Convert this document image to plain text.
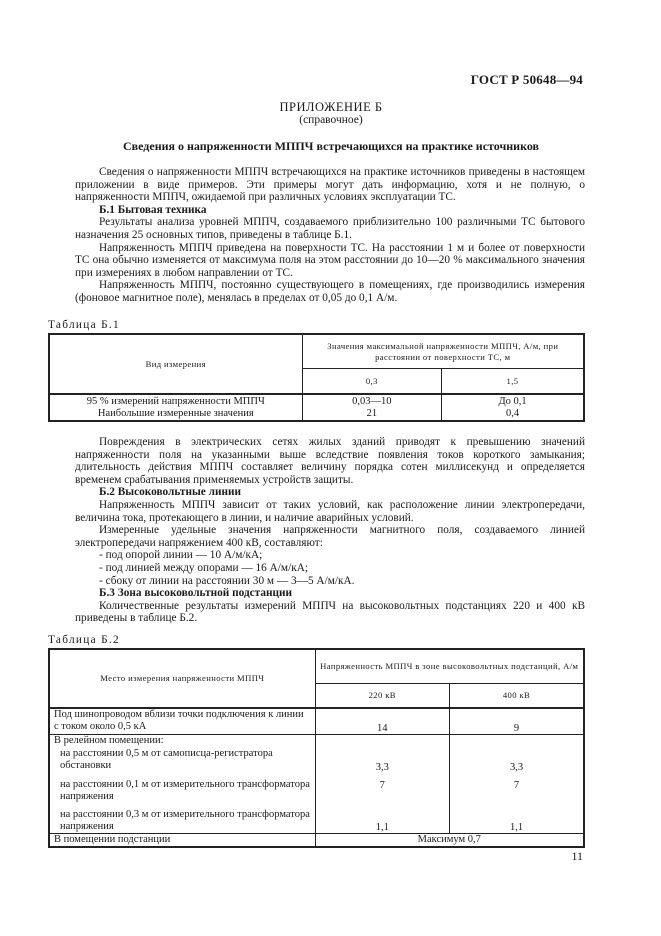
ГОСТ Р 50648—94
ПРИЛОЖЕНИЕ Б
(справочное)
Сведения о напряженности МППЧ встречающихся на практике источников

Сведения о напряженности МППЧ встречающихся на практике источников приведены в настоящем приложении в виде примеров. Эти примеры могут дать информацию, хотя и не полную, о напряженности МППЧ, ожидаемой при различных условиях эксплуатации ТС.

Б.1 Бытовая техника

Результаты анализа уровней МППЧ, создаваемого приблизительно 100 различными ТС бытового назначения 25 основных типов, приведены в таблице Б.1.

Напряженность МППЧ приведена на поверхности ТС. На расстоянии 1 м и более от поверхности ТС она обычно изменяется от максимума поля на этом расстоянии до 10—20 % максимального значения при измерениях в любом направлении от ТС.

Напряженность МППЧ, постоянно существующего в помещениях, где производились измерения (фоновое магнитное поле), менялась в пределах от 0,05 до 0,1 А/м.

Таблица Б.1
Вид измерения	Значения максимальной напряженности МППЧ, А/м, при расстоянии от поверхности ТС, м	
	0,3	1,5
95 % измерений напряженности МППЧ	0,03—10	До 0,1
Наибольшие измеренные значения	21	0,4

Повреждения в электрических сетях жилых зданий приводят к превышению значений напряженности поля на указанными выше вследствие появления токов короткого замыкания; длительность действия МППЧ составляет величину порядка сотен миллисекунд и определяется временем срабатывания применяемых устройств защиты.

Б.2 Высоковольтные линии

Напряженность МППЧ зависит от таких условий, как расположение линии электропередачи, величина тока, протекающего в линии, и наличие аварийных условий.

Измеренные удельные значения напряженности магнитного поля, создаваемого линией электропередачи напряжением 400 кВ, составляют:

- под опорой линии — 10 А/м/кА;

- под линией между опорами — 16 А/м/кА;

- сбоку от линии на расстоянии 30 м — 3—5 А/м/кА.

Б.3 Зона высоковольтной подстанции

Количественные результаты измерений МППЧ на высоковольтных подстанциях 220 и 400 кВ приведены в таблице Б.2.

Таблица Б.2
Место измерения напряженности МППЧ	Напряженность МППЧ в зоне высоковольтных подстанций, А/м	
	220 кВ	400 кВ
Под шинопроводом вблизи точки подключения к линии с током около 0,5 кА	14	9
В релейном помещении:		
на расстоянии 0,5 м от самописца-регистратора обстановки	3,3	3,3
на расстоянии 0,1 м от измерительного трансформатора напряжения	7	7
на расстоянии 0,3 м от измерительного трансформатора напряжения	1,1	1,1
В помещении подстанции	Максимум 0,7	
11
